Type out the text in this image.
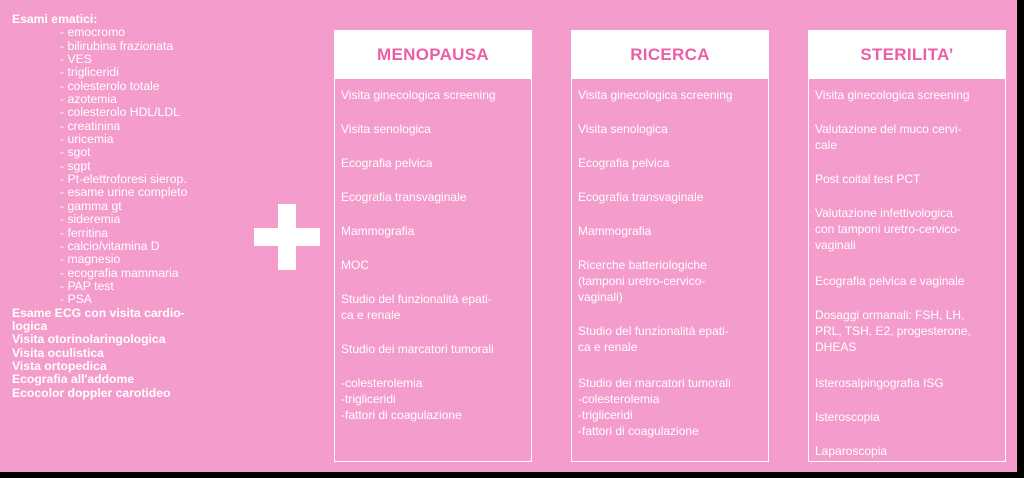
Esami ematici:
- emocromo
- bilirubina frazionata
- VES
- trigliceridi
- colesterolo totale
- azotemia
- colesterolo HDL/LDL
- creatinina
- uricemia
- sgot
- sgpt
- Pt-elettroforesi sierop.
- esame urine completo
- gamma gt
- sideremia
- ferritina
- calcio/vitamina D
- magnesio
- ecografia mammaria
- PAP test
- PSA
Esame ECG con visita cardio-
logica
Visita otorinolaringologica
Visita oculistica
Vista ortopedica
Ecografia all'addome
Ecocolor doppler carotideo
MENOPAUSA
Visita ginecologica screening
Visita senologica
Ecografia pelvica
Ecografia transvaginale
Mammografia
MOC
Studio del funzionalità epati-
ca e renale
Studio dei marcatori tumorali
-colesterolemia
-trigliceridi
-fattori di coagulazione
RICERCA
Visita ginecologica screening
Visita senologica
Ecografia pelvica
Ecografia transvaginale
Mammografia
Ricerche batteriologiche
(tamponi uretro-cervico-
vaginali)
Studio del funzionalità epati-
ca e renale
Studio dei marcatori tumorali
-colesterolemia
-trigliceridi
-fattori di coagulazione
STERILITA’
Visita ginecologica screening
Valutazione del muco cervi-
cale
Post coital test PCT
Valutazione infettivologica
con tamponi uretro-cervico-
vaginali
Ecografia pelvica e vaginale
Dosaggi ormanali: FSH, LH,
PRL, TSH, E2, progesterone,
DHEAS
Isterosalpingografia ISG
Isteroscopia
Laparoscopia
